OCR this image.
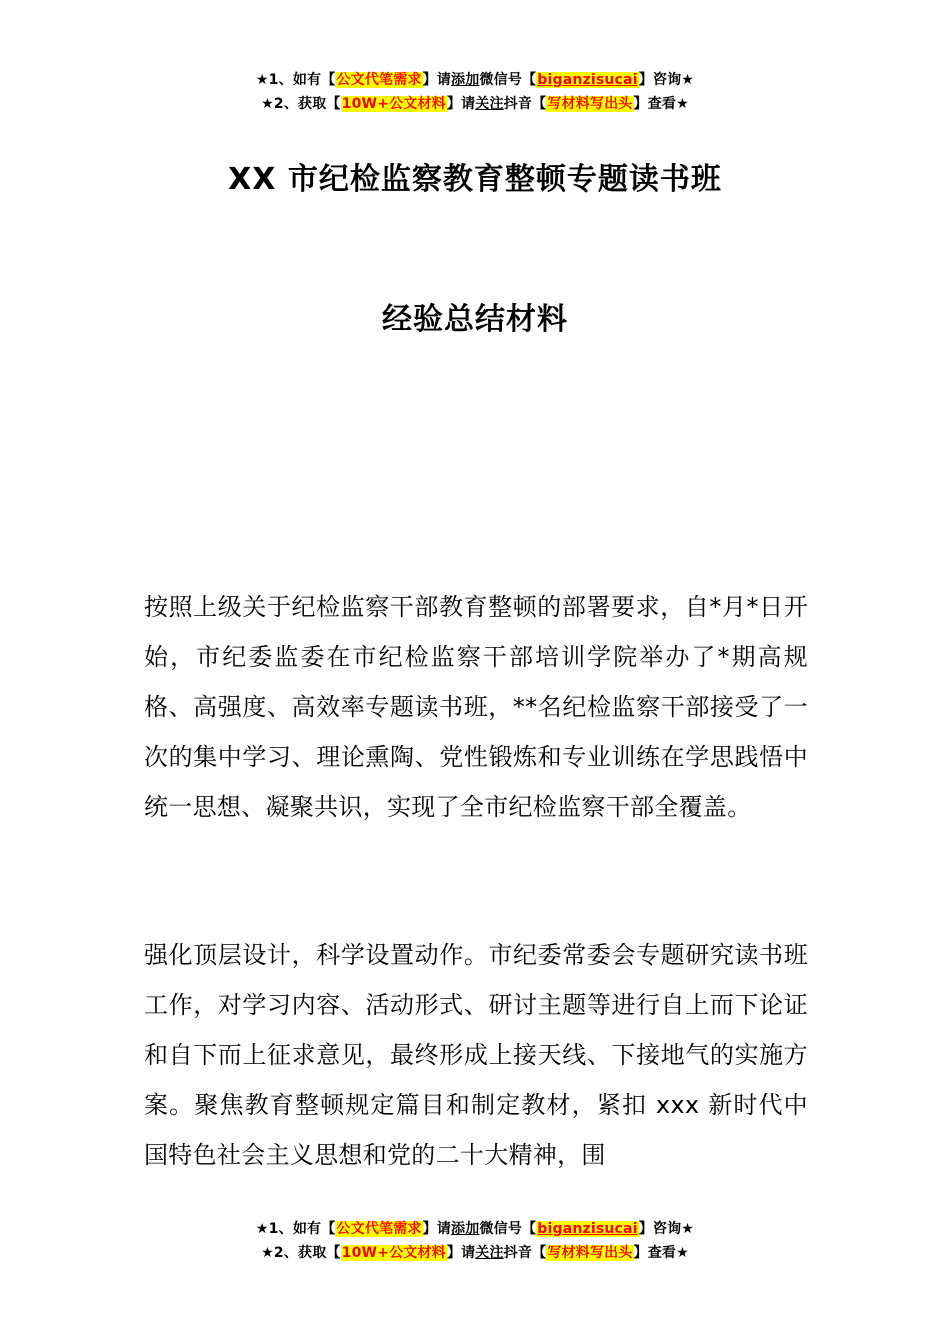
★1、如有【公文代笔需求】请添加微信号【biganzisucai】咨询★
★2、获取【10W+公文材料】请关注抖音【写材料写出头】查看★
XX 市纪检监察教育整顿专题读书班
经验总结材料

按照上级关于纪检监察干部教育整顿的部署要求，自*月*日开始，市纪委监委在市纪检监察干部培训学院举办了*期高规格、高强度、高效率专题读书班，**名纪检监察干部接受了一次的集中学习、理论熏陶、党性锻炼和专业训练在学思践悟中统一思想、凝聚共识，实现了全市纪检监察干部全覆盖。

强化顶层设计，科学设置动作。市纪委常委会专题研究读书班工作，对学习内容、活动形式、研讨主题等进行自上而下论证和自下而上征求意见，最终形成上接天线、下接地气的实施方案。聚焦教育整顿规定篇目和制定教材，紧扣 xxx 新时代中国特色社会主义思想和党的二十大精神，围

★1、如有【公文代笔需求】请添加微信号【biganzisucai】咨询★
★2、获取【10W+公文材料】请关注抖音【写材料写出头】查看★
